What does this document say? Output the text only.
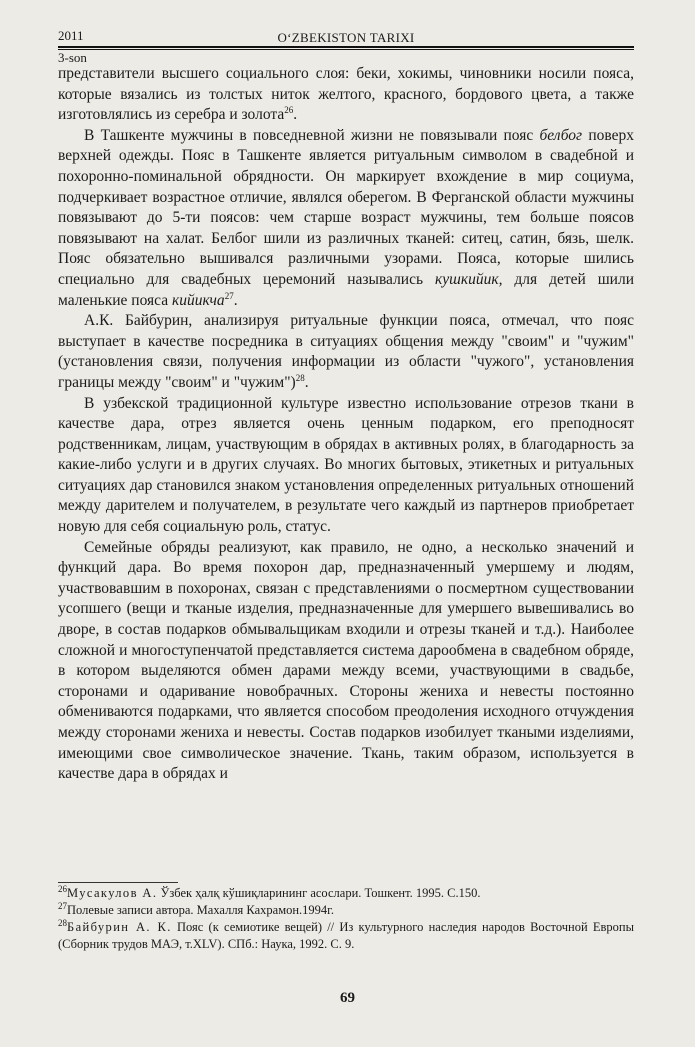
2011	O‘ZBEKISTON TARIXI
3-son

представители высшего социального слоя: беки, хокимы, чиновники носили пояса, которые вязались из толстых ниток желтого, красного, бордового цвета, а также изготовлялись из серебра и золота$^{26}$.

В Ташкенте мужчины в повседневной жизни не повязывали пояс белбог поверх верхней одежды. Пояс в Ташкенте является ритуальным символом в свадебной и похоронно-поминальной обрядности. Он маркирует вхождение в мир социума, подчеркивает возрастное отличие, являлся оберегом. В Ферганской области мужчины повязывают до 5-ти поясов: чем старше возраст мужчины, тем больше поясов повязывают на халат. Белбог шили из различных тканей: ситец, сатин, бязь, шелк. Пояс обязательно вышивался различными узорами. Пояса, которые шились специально для свадебных церемоний назывались кушкийик, для детей шили маленькие пояса кийикча$^{27}$.

А.К. Байбурин, анализируя ритуальные функции пояса, отмечал, что пояс выступает в качестве посредника в ситуациях общения между "своим" и "чужим" (установления связи, получения информации из области "чужого", установления границы между "своим" и "чужим")$^{28}$.

В узбекской традиционной культуре известно использование отрезов ткани в качестве дара, отрез является очень ценным подарком, его преподносят родственникам, лицам, участвующим в обрядах в активных ролях, в благодарность за какие-либо услуги и в других случаях. Во многих бытовых, этикетных и ритуальных ситуациях дар становился знаком установления определенных ритуальных отношений между дарителем и получателем, в результате чего каждый из партнеров приобретает новую для себя социальную роль, статус.

Семейные обряды реализуют, как правило, не одно, а несколько значений и функций дара. Во время похорон дар, предназначенный умершему и людям, участвовавшим в похоронах, связан с представлениями о посмертном существовании усопшего (вещи и тканые изделия, предназначенные для умершего вывешивались во дворе, в состав подарков обмывальщикам входили и отрезы тканей и т.д.). Наиболее сложной и многоступенчатой представляется система дарообмена в свадебном обряде, в котором выделяются обмен дарами между всеми, участвующими в свадьбе, сторонами и одаривание новобрачных. Стороны жениха и невесты постоянно обмениваются подарками, что является способом преодоления исходного отчуждения между сторонами жениха и невесты. Состав подарков изобилует ткаными изделиями, имеющими свое символическое значение. Ткань, таким образом, используется в качестве дара в обрядах и

$^{26}$Мусакулов А. Ўзбек ҳалқ кўшиқларининг асослари. Тошкент. 1995. С.150.

$^{27}$Полевые записи автора. Махалля Кахрамон.1994г.

$^{28}$Байбурин А. К. Пояс (к семиотике вещей) // Из культурного наследия народов Восточной Европы (Сборник трудов МАЭ, т.XLV). СПб.: Наука, 1992. С. 9.

69
